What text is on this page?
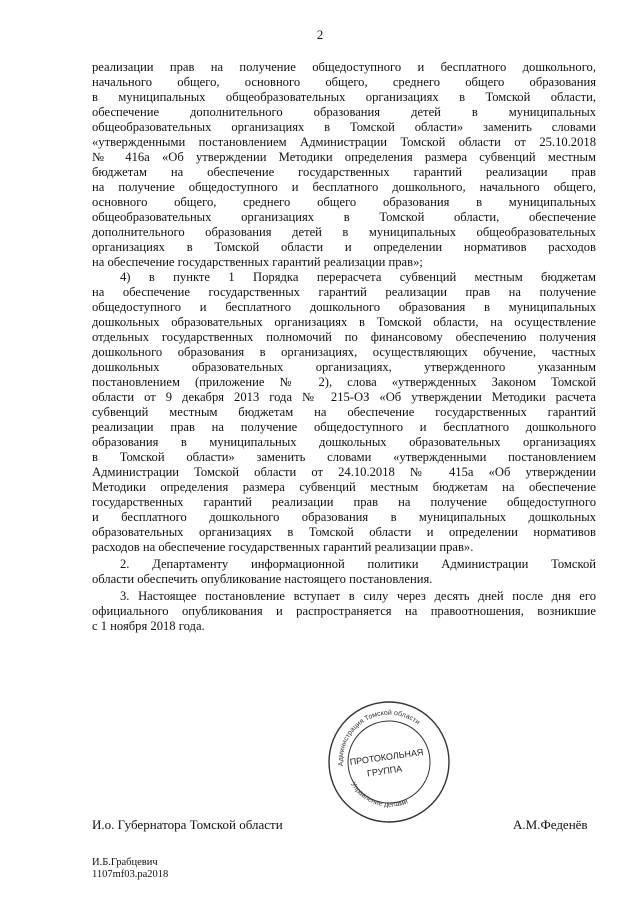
2
реализации прав на получение общедоступного и бесплатного дошкольного,
начального общего, основного общего, среднего общего образования
в муниципальных общеобразовательных организациях в Томской области,
обеспечение дополнительного образования детей в муниципальных
общеобразовательных организациях в Томской области» заменить словами
«утвержденными постановлением Администрации Томской области от 25.10.2018
№ 416а «Об утверждении Методики определения размера субвенций местным
бюджетам на обеспечение государственных гарантий реализации прав
на получение общедоступного и бесплатного дошкольного, начального общего,
основного общего, среднего общего образования в муниципальных
общеобразовательных организациях в Томской области, обеспечение
дополнительного образования детей в муниципальных общеобразовательных
организациях в Томской области и определении нормативов расходов
на обеспечение государственных гарантий реализации прав»;
4) в пункте 1 Порядка перерасчета субвенций местным бюджетам
на обеспечение государственных гарантий реализации прав на получение
общедоступного и бесплатного дошкольного образования в муниципальных
дошкольных образовательных организациях в Томской области, на осуществление
отдельных государственных полномочий по финансовому обеспечению получения
дошкольного образования в организациях, осуществляющих обучение, частных
дошкольных образовательных организациях, утвержденного указанным
постановлением (приложение № 2), слова «утвержденных Законом Томской
области от 9 декабря 2013 года № 215-ОЗ «Об утверждении Методики расчета
субвенций местным бюджетам на обеспечение государственных гарантий
реализации прав на получение общедоступного и бесплатного дошкольного
образования в муниципальных дошкольных образовательных организациях
в Томской области» заменить словами «утвержденными постановлением
Администрации Томской области от 24.10.2018 № 415а «Об утверждении
Методики определения размера субвенций местным бюджетам на обеспечение
государственных гарантий реализации прав на получение общедоступного
и бесплатного дошкольного образования в муниципальных дошкольных
образовательных организациях в Томской области и определении нормативов
расходов на обеспечение государственных гарантий реализации прав».
2. Департаменту информационной политики Администрации Томской
области обеспечить опубликование настоящего постановления.
3. Настоящее постановление вступает в силу через десять дней после дня его
официального опубликования и распространяется на правоотношения, возникшие
с 1 ноября 2018 года.
Администрация Томской области
Управление делами
ПРОТОКОЛЬНАЯ
ГРУППА
И.о. Губернатора Томской области	А.М.Феденёв
И.Б.Грабцевич
1107mf03.ра2018
